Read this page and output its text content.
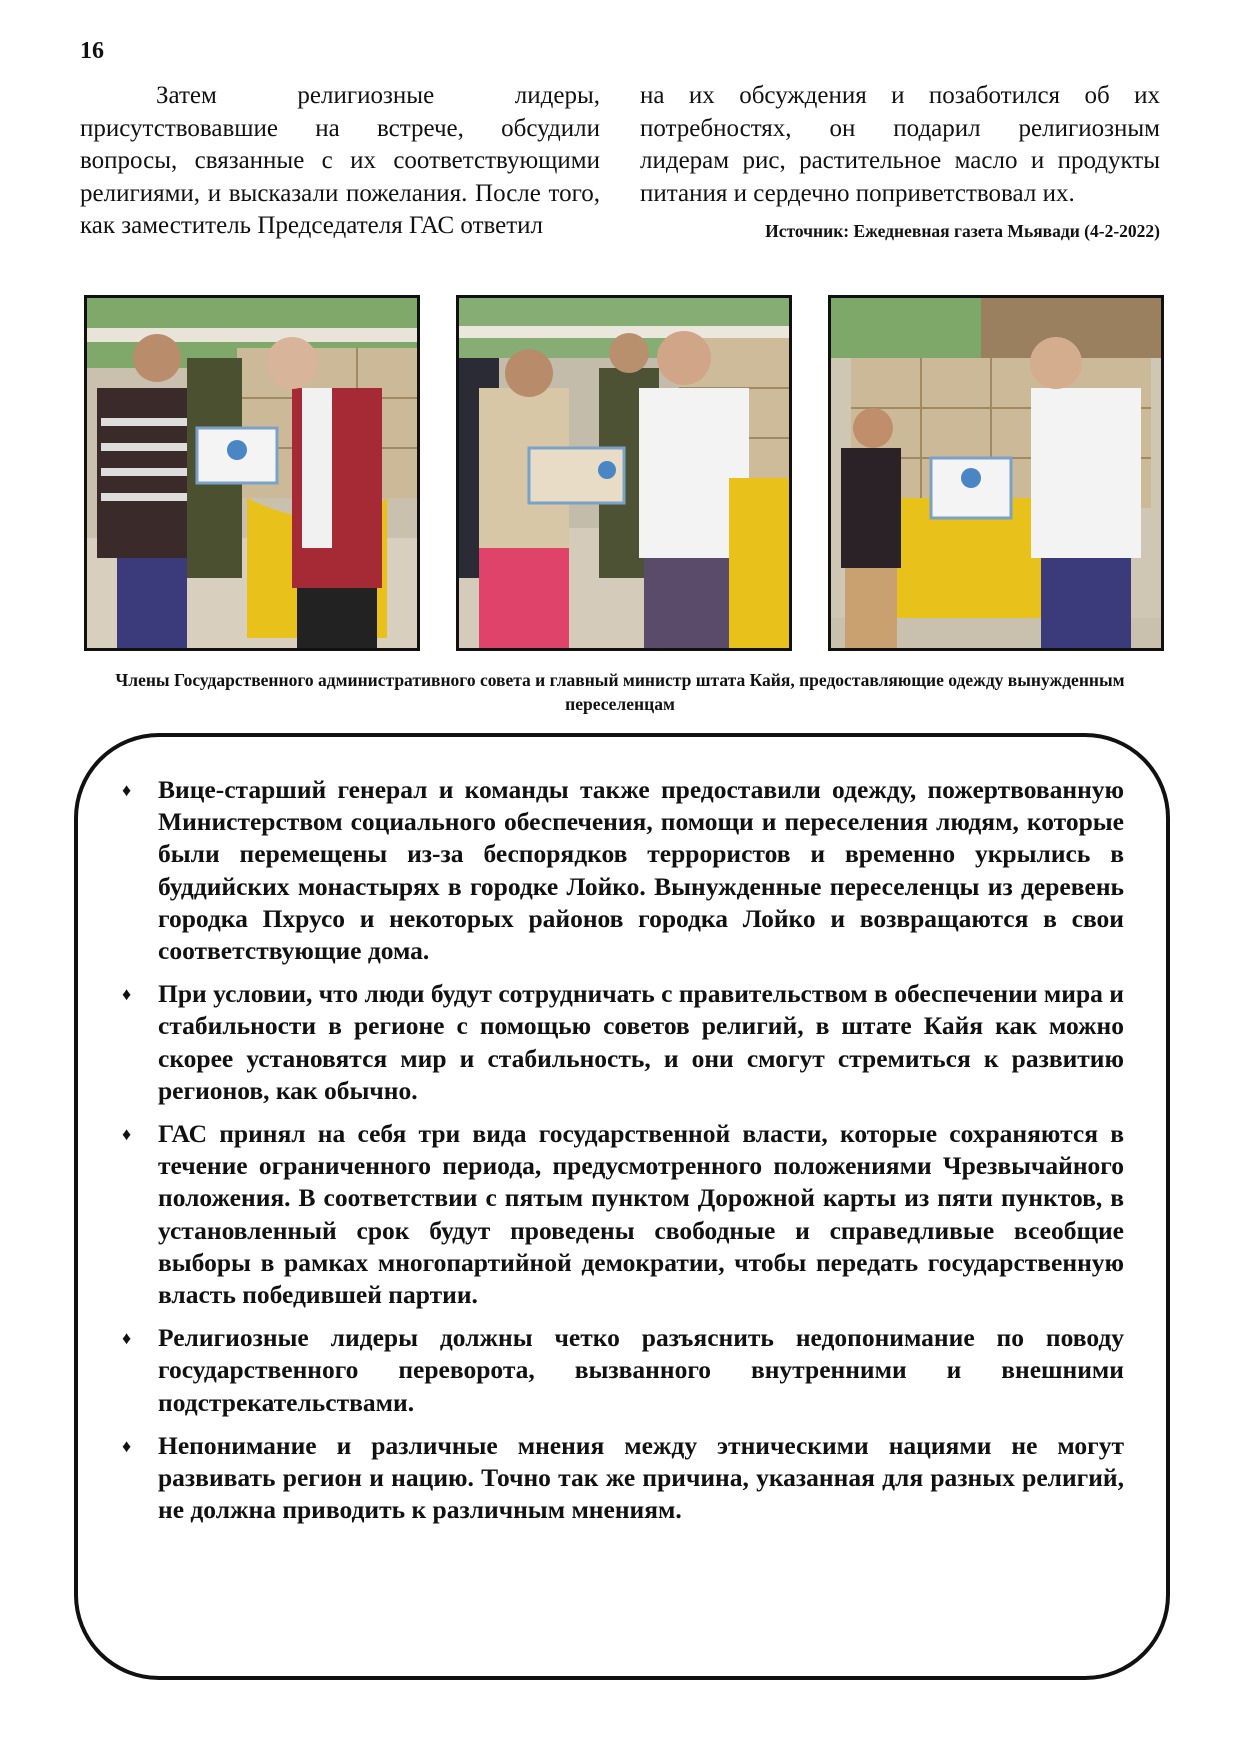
16

Затем религиозные лидеры, присутствовавшие на встрече, обсудили вопросы, связанные с их соответствующими религиями, и высказали пожелания. После того, как заместитель Председателя ГАС ответил

на их обсуждения и позаботился об их потребностях, он подарил религиозным лидерам рис, растительное масло и продукты питания и сердечно поприветствовал их.

Источник: Ежедневная газета Мьявади (4-2-2022)
Члены Государственного административного совета и главный министр штата Кайя, предоставляющие одежду вынужденным переселенцам
♦ Вице-старший генерал и команды также предоставили одежду, пожертвованную Министерством социального обеспечения, помощи и переселения людям, которые были перемещены из-за беспорядков террористов и временно укрылись в буддийских монастырях в городке Лойко. Вынужденные переселенцы из деревень городка Пхрусо и некоторых районов городка Лойко и возвращаются в свои соответствующие дома.
♦ При условии, что люди будут сотрудничать с правительством в обеспечении мира и стабильности в регионе с помощью советов религий, в штате Кайя как можно скорее установятся мир и стабильность, и они смогут стремиться к развитию регионов, как обычно.
♦ ГАС принял на себя три вида государственной власти, которые сохраняются в течение ограниченного периода, предусмотренного положениями Чрезвычайного положения. В соответствии с пятым пунктом Дорожной карты из пяти пунктов, в установленный срок будут проведены свободные и справедливые всеобщие выборы в рамках многопартийной демократии, чтобы передать государственную власть победившей партии.
♦ Религиозные лидеры должны четко разъяснить недопонимание по поводу государственного переворота, вызванного внутренними и внешними подстрекательствами.
♦ Непонимание и различные мнения между этническими нациями не могут развивать регион и нацию. Точно так же причина, указанная для разных религий, не должна приводить к различным мнениям.
